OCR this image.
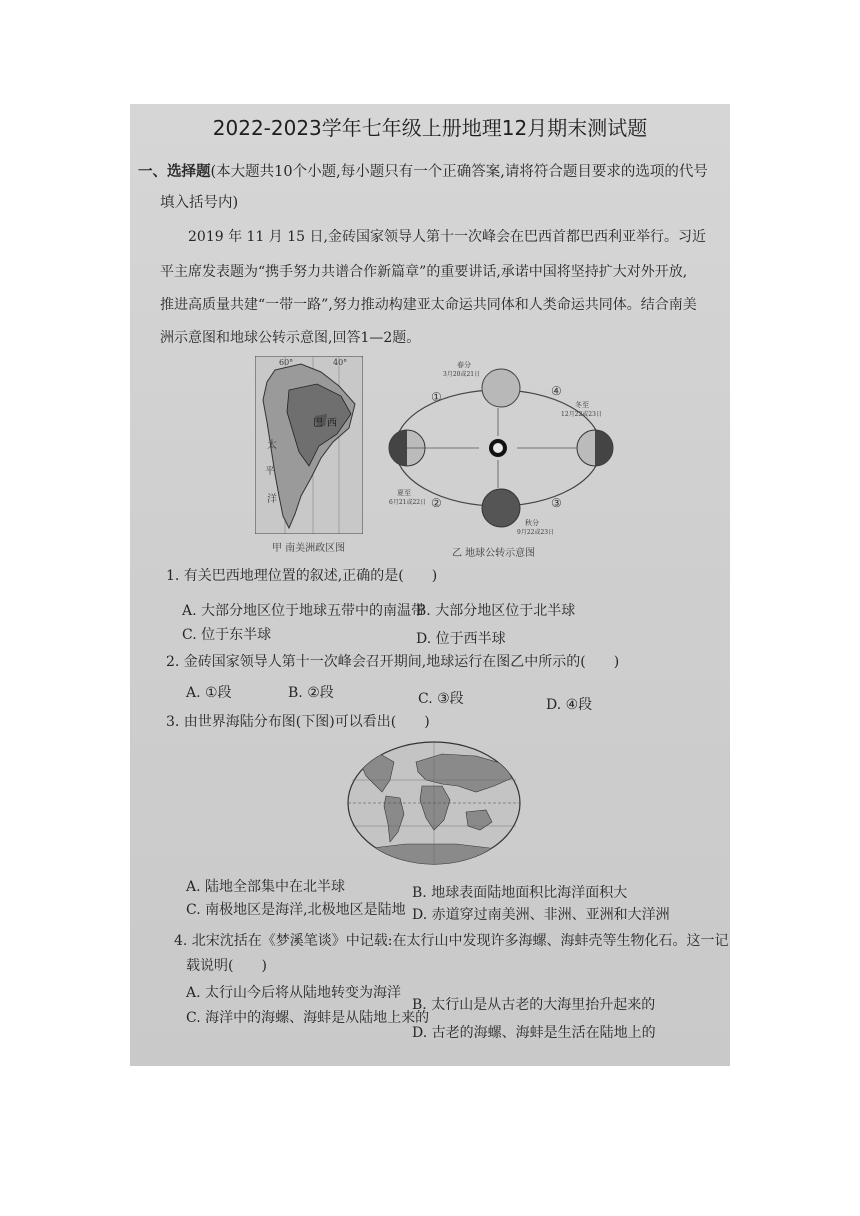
2022-2023学年七年级上册地理12月期末测试题
一、选择题(本大题共10个小题,每小题只有一个正确答案,请将符合题目要求的选项的代号
填入括号内)
2019 年 11 月 15 日,金砖国家领导人第十一次峰会在巴西首都巴西利亚举行。习近
平主席发表题为“携手努力共谱合作新篇章”的重要讲话,承诺中国将坚持扩大对外开放,
推进高质量共建“一带一路”,努力推动构建亚太命运共同体和人类命运共同体。结合南美
洲示意图和地球公转示意图,回答1—2题。
60°	40°
太
平
洋
巴 西
甲 南美洲政区图
春分
3月20或21日
冬至
12月22或23日
夏至
6月21或22日
秋分
9月22或23日
①
②	③
④
乙 地球公转示意图
1. 有关巴西地理位置的叙述,正确的是(　　)
A. 大部分地区位于地球五带中的南温带
B. 大部分地区位于北半球
C. 位于东半球	D. 位于西半球
2. 金砖国家领导人第十一次峰会召开期间,地球运行在图乙中所示的(　　)
A. ①段	B. ②段	C. ③段	D. ④段
3. 由世界海陆分布图(下图)可以看出(　　)
A. 陆地全部集中在北半球	B. 地球表面陆地面积比海洋面积大
C. 南极地区是海洋,北极地区是陆地 D. 赤道穿过南美洲、非洲、亚洲和大洋洲
4. 北宋沈括在《梦溪笔谈》中记载:在太行山中发现许多海螺、海蚌壳等生物化石。这一记
载说明(　　)
A. 太行山今后将从陆地转变为海洋
B. 太行山是从古老的大海里抬升起来的
C. 海洋中的海螺、海蚌是从陆地上来的
D. 古老的海螺、海蚌是生活在陆地上的
